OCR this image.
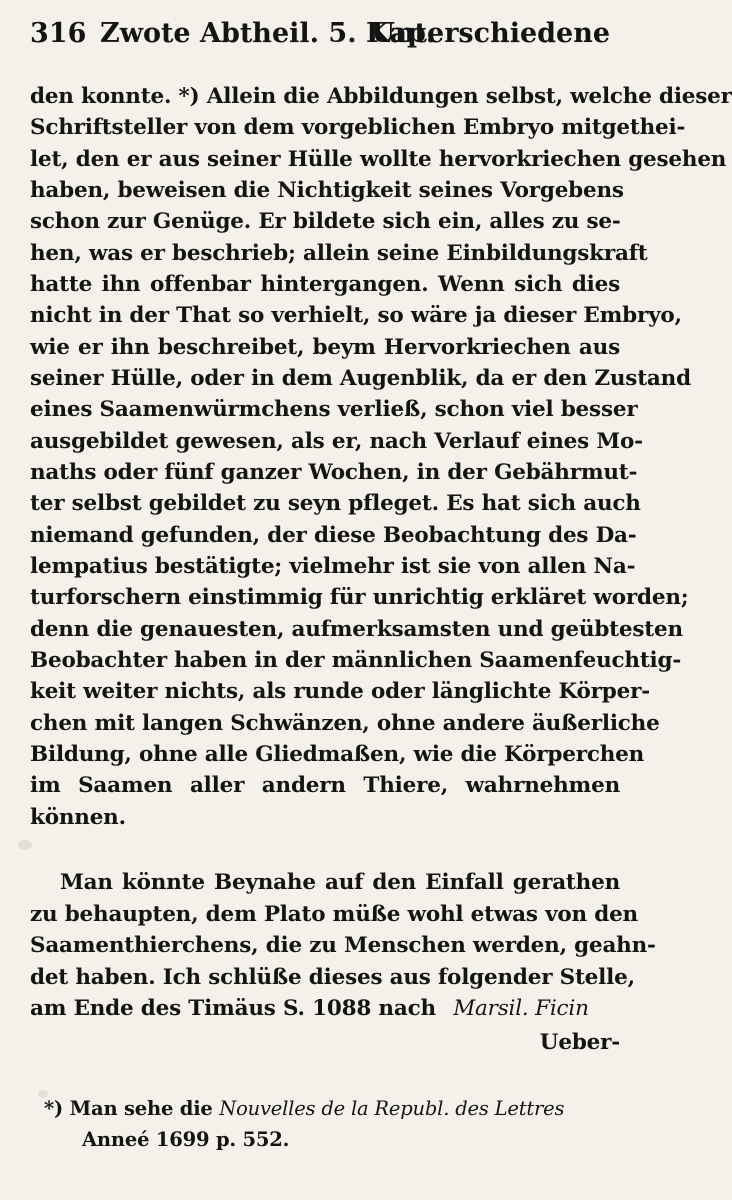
316 Zwote Abtheil. 5. Kap.
Unterschiedene
den konnte. *) Allein die Abbildungen selbst, welche dieser
Schriftsteller von dem vorgeblichen Embryo mitgethei-
let, den er aus seiner Hülle wollte hervorkriechen gesehen
haben, beweisen die Nichtigkeit seines Vorgebens
schon zur Genüge. Er bildete sich ein, alles zu se-
hen, was er beschrieb; allein seine Einbildungskraft
hatte ihn offenbar hintergangen. Wenn sich dies
nicht in der That so verhielt, so wäre ja dieser Embryo,
wie er ihn beschreibet, beym Hervorkriechen aus
seiner Hülle, oder in dem Augenblik, da er den Zustand
eines Saamenwürmchens verließ, schon viel besser
ausgebildet gewesen, als er, nach Verlauf eines Mo-
naths oder fünf ganzer Wochen, in der Gebährmut-
ter selbst gebildet zu seyn pfleget. Es hat sich auch
niemand gefunden, der diese Beobachtung des Da-
lempatius bestätigte; vielmehr ist sie von allen Na-
turforschern einstimmig für unrichtig erkläret worden;
denn die genauesten, aufmerksamsten und geübtesten
Beobachter haben in der männlichen Saamenfeuchtig-
keit weiter nichts, als runde oder länglichte Körper-
chen mit langen Schwänzen, ohne andere äußerliche
Bildung, ohne alle Gliedmaßen, wie die Körperchen
im Saamen aller andern Thiere, wahrnehmen
können.
Man könnte Beynahe auf den Einfall gerathen
zu behaupten, dem Plato müße wohl etwas von den
Saamenthierchens, die zu Menschen werden, geahn-
det haben. Ich schlüße dieses aus folgender Stelle,
am Ende des Timäus S. 1088 nach Marsil. Ficin
Ueber-
*) Man sehe die Nouvelles de la Republ. des Lettres
Anneé 1699 p. 552.
